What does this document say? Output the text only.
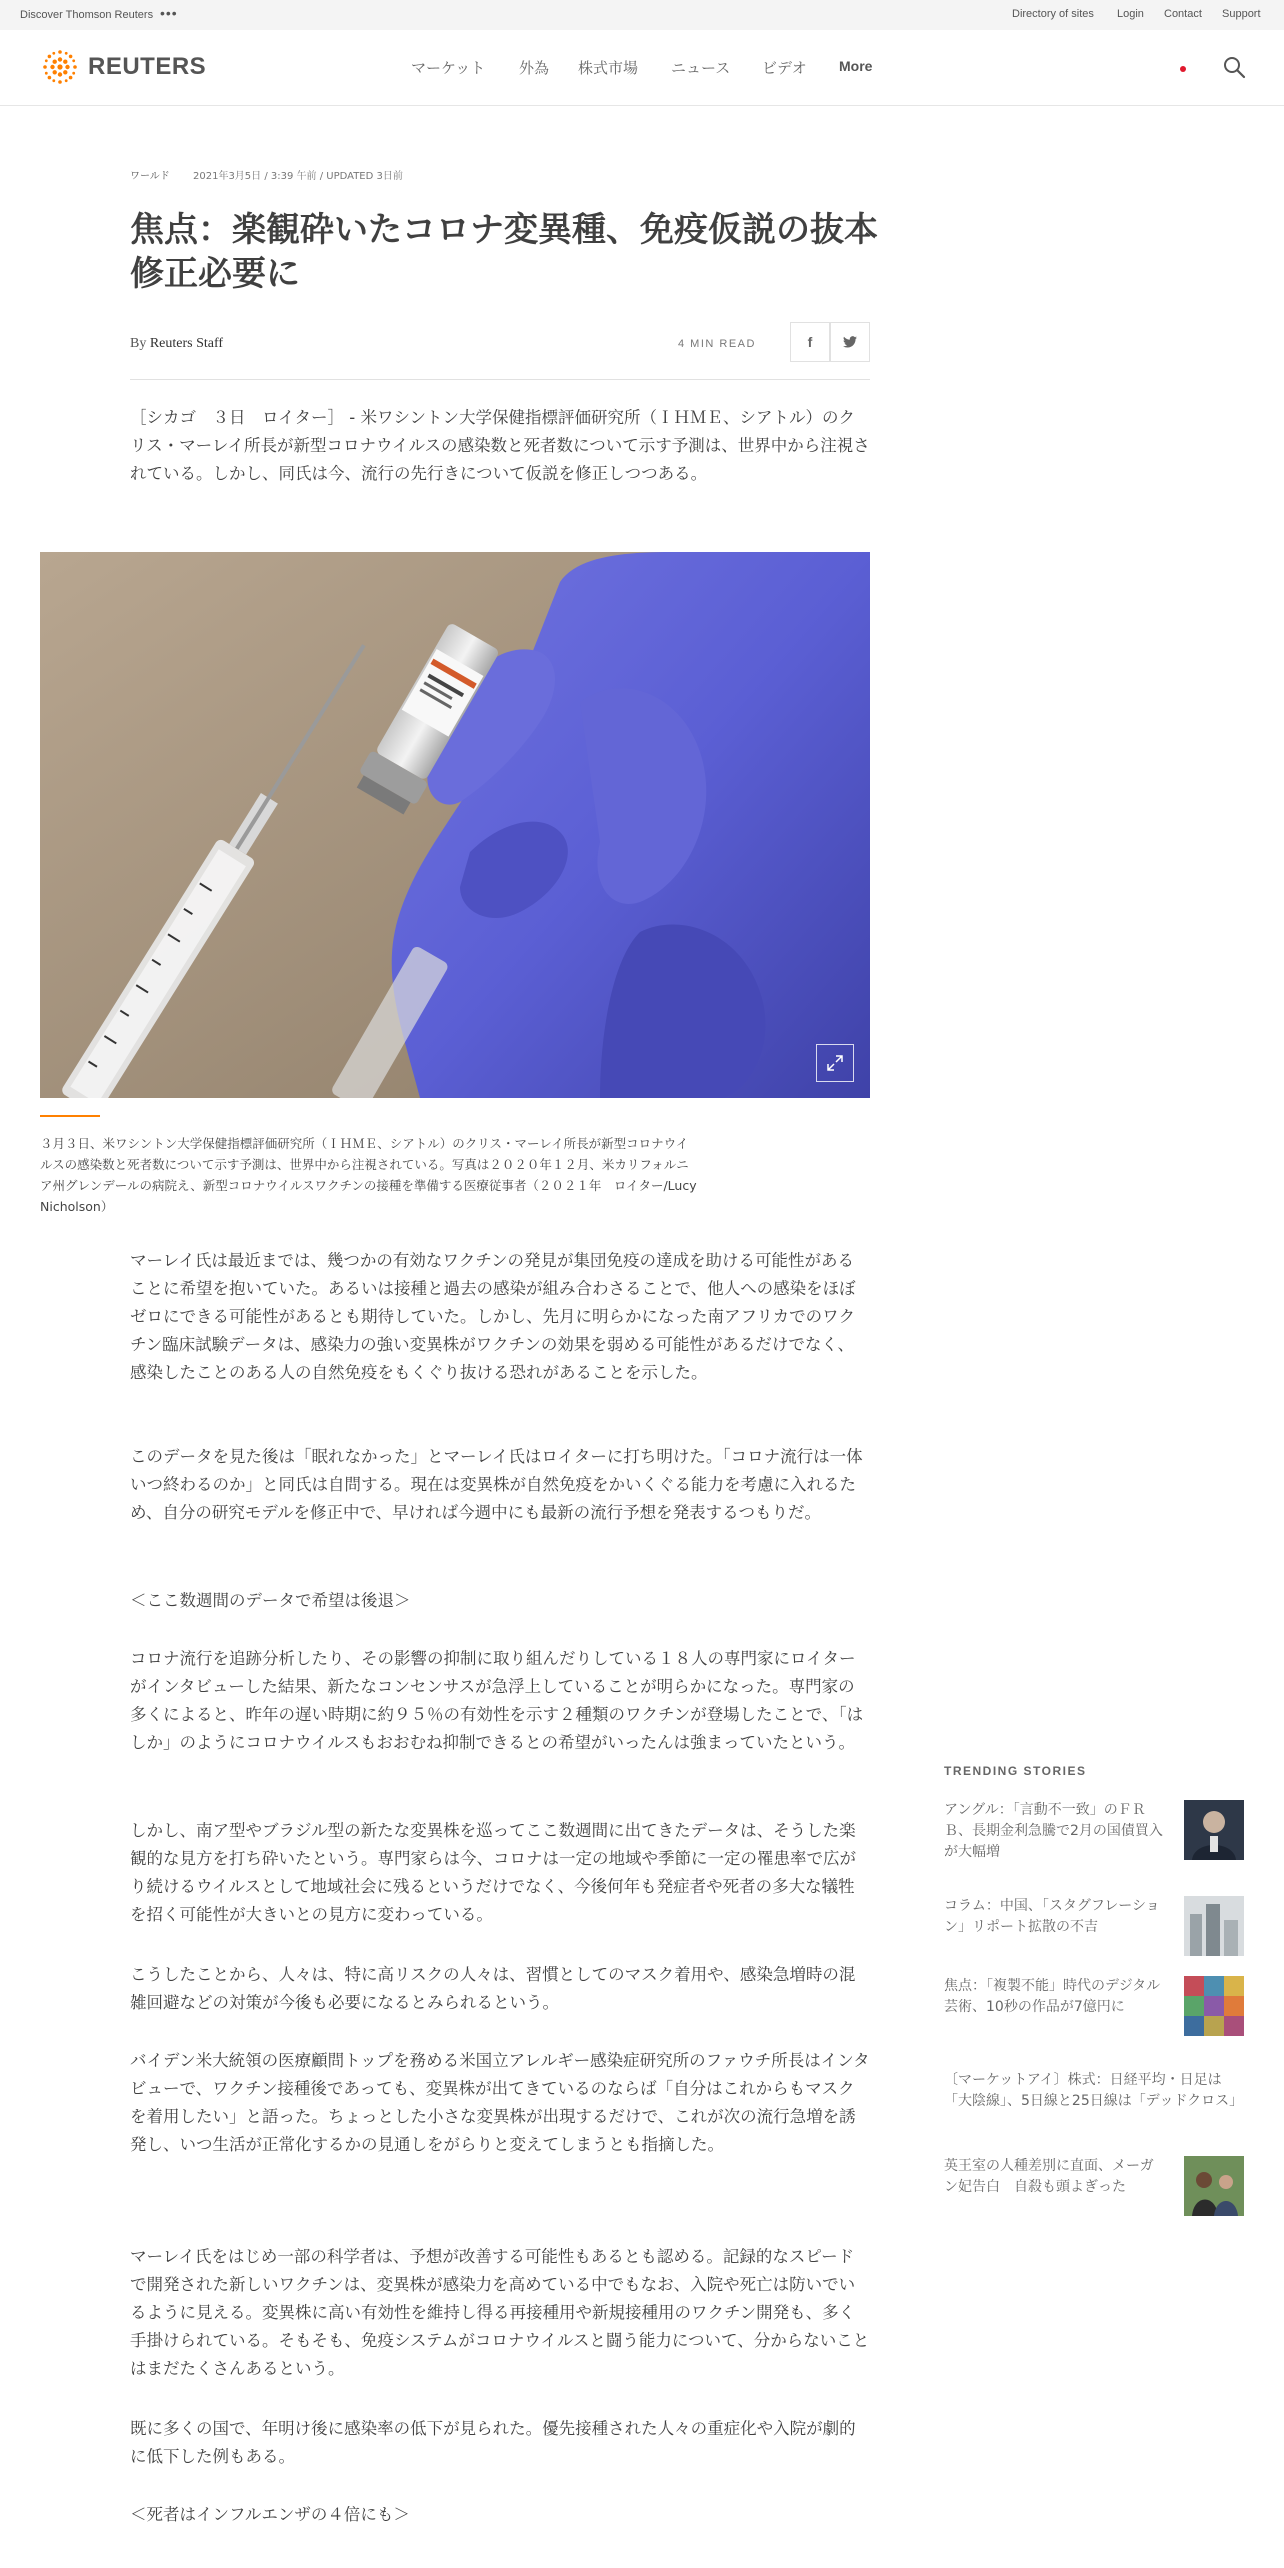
Discover Thomson Reuters •••	Directory of sites Login Contact Support
REUTERS	マーケット 外為 株式市場 ニュース ビデオ More
ワールド 2021年3月5日 / 3:39 午前 / UPDATED 3日前
焦点：楽観砕いたコロナ変異種、免疫仮説の抜本修正必要に
By Reuters Staff	4 MIN READ	f

［シカゴ　３日　ロイター］ - 米ワシントン大学保健指標評価研究所（ＩＨＭＥ、シアトル）のクリス・マーレイ所長が新型コロナウイルスの感染数と死者数について示す予測は、世界中から注視されている。しかし、同氏は今、流行の先行きについて仮説を修正しつつある。

３月３日、米ワシントン大学保健指標評価研究所（ＩＨＭＥ、シアトル）のクリス・マーレイ所長が新型コロナウイルスの感染数と死者数について示す予測は、世界中から注視されている。写真は２０２０年１２月、米カリフォルニア州グレンデールの病院え、新型コロナウイルスワクチンの接種を準備する医療従事者（２０２１年　ロイター/Lucy Nicholson）

マーレイ氏は最近までは、幾つかの有効なワクチンの発見が集団免疫の達成を助ける可能性があることに希望を抱いていた。あるいは接種と過去の感染が組み合わさることで、他人への感染をほぼゼロにできる可能性があるとも期待していた。しかし、先月に明らかになった南アフリカでのワクチン臨床試験データは、感染力の強い変異株がワクチンの効果を弱める可能性があるだけでなく、感染したことのある人の自然免疫をもくぐり抜ける恐れがあることを示した。

このデータを見た後は「眠れなかった」とマーレイ氏はロイターに打ち明けた。「コロナ流行は一体いつ終わるのか」と同氏は自問する。現在は変異株が自然免疫をかいくぐる能力を考慮に入れるため、自分の研究モデルを修正中で、早ければ今週中にも最新の流行予想を発表するつもりだ。

＜ここ数週間のデータで希望は後退＞

コロナ流行を追跡分析したり、その影響の抑制に取り組んだりしている１８人の専門家にロイターがインタビューした結果、新たなコンセンサスが急浮上していることが明らかになった。専門家の多くによると、昨年の遅い時期に約９５％の有効性を示す２種類のワクチンが登場したことで、「はしか」のようにコロナウイルスもおおむね抑制できるとの希望がいったんは強まっていたという。

しかし、南ア型やブラジル型の新たな変異株を巡ってここ数週間に出てきたデータは、そうした楽観的な見方を打ち砕いたという。専門家らは今、コロナは一定の地域や季節に一定の罹患率で広がり続けるウイルスとして地域社会に残るというだけでなく、今後何年も発症者や死者の多大な犠牲を招く可能性が大きいとの見方に変わっている。

こうしたことから、人々は、特に高リスクの人々は、習慣としてのマスク着用や、感染急増時の混雑回避などの対策が今後も必要になるとみられるという。

バイデン米大統領の医療顧問トップを務める米国立アレルギー感染症研究所のファウチ所長はインタビューで、ワクチン接種後であっても、変異株が出てきているのならば「自分はこれからもマスクを着用したい」と語った。ちょっとした小さな変異株が出現するだけで、これが次の流行急増を誘発し、いつ生活が正常化するかの見通しをがらりと変えてしまうとも指摘した。

マーレイ氏をはじめ一部の科学者は、予想が改善する可能性もあるとも認める。記録的なスピードで開発された新しいワクチンは、変異株が感染力を高めている中でもなお、入院や死亡は防いでいるように見える。変異株に高い有効性を維持し得る再接種用や新規接種用のワクチン開発も、多く手掛けられている。そもそも、免疫システムがコロナウイルスと闘う能力について、分からないことはまだたくさんあるという。

既に多くの国で、年明け後に感染率の低下が見られた。優先接種された人々の重症化や入院が劇的に低下した例もある。

＜死者はインフルエンザの４倍にも＞

TRENDING STORIES
アングル：「言動不一致」のＦＲＢ、長期金利急騰で2月の国債買入が大幅増
コラム：中国、「スタグフレーション」リポート拡散の不吉
焦点：「複製不能」時代のデジタル芸術、10秒の作品が7億円に
〔マーケットアイ〕株式：日経平均・日足は「大陰線」、5日線と25日線は「デッドクロス」
英王室の人種差別に直面、メーガン妃告白　自殺も頭よぎった
